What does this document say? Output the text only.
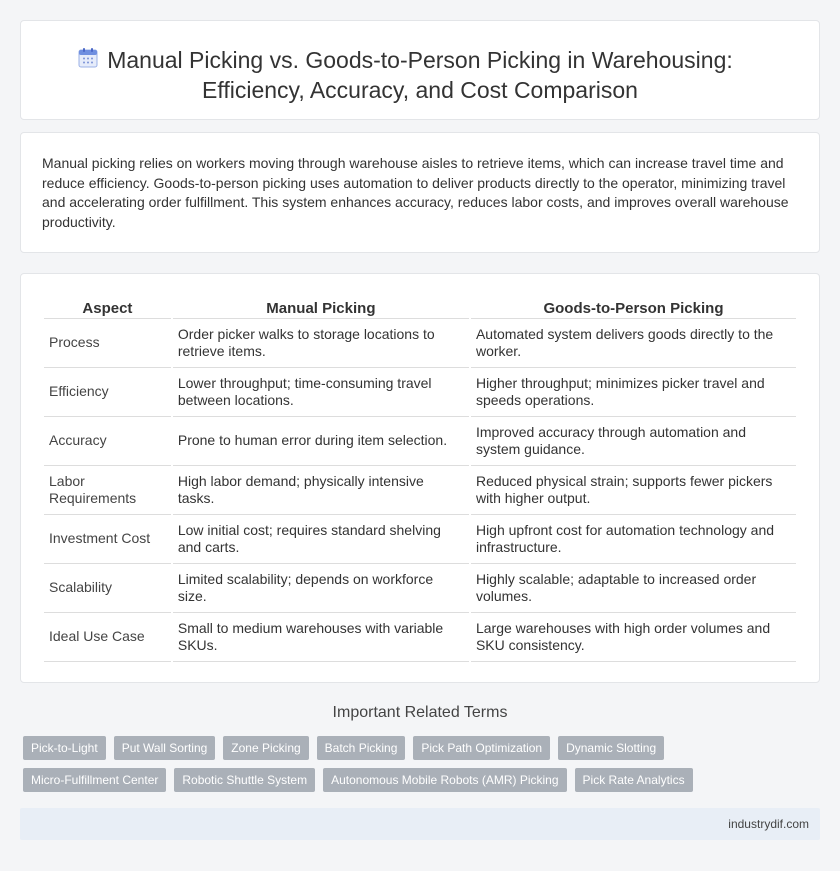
Manual Picking vs. Goods-to-Person Picking in Warehousing:
Efficiency, Accuracy, and Cost Comparison

Manual picking relies on workers moving through warehouse aisles to retrieve items, which can increase travel time and reduce efficiency. Goods-to-person picking uses automation to deliver products directly to the operator, minimizing travel and accelerating order fulfillment. This system enhances accuracy, reduces labor costs, and improves overall warehouse productivity.

Aspect	Manual Picking	Goods-to-Person Picking
Process	Order picker walks to storage locations to retrieve items.	Automated system delivers goods directly to the worker.
Efficiency	Lower throughput; time-consuming travel between locations.	Higher throughput; minimizes picker travel and speeds operations.
Accuracy	Prone to human error during item selection.	Improved accuracy through automation and system guidance.
Labor Requirements	High labor demand; physically intensive tasks.	Reduced physical strain; supports fewer pickers with higher output.
Investment Cost	Low initial cost; requires standard shelving and carts.	High upfront cost for automation technology and infrastructure.
Scalability	Limited scalability; depends on workforce size.	Highly scalable; adaptable to increased order volumes.
Ideal Use Case	Small to medium warehouses with variable SKUs.	Large warehouses with high order volumes and SKU consistency.
Important Related Terms
Pick-to-Light	Put Wall Sorting	Zone Picking	Batch Picking	Pick Path Optimization	Dynamic Slotting
Micro-Fulfillment Center	Robotic Shuttle System	Autonomous Mobile Robots (AMR) Picking	Pick Rate Analytics
industrydif.com
